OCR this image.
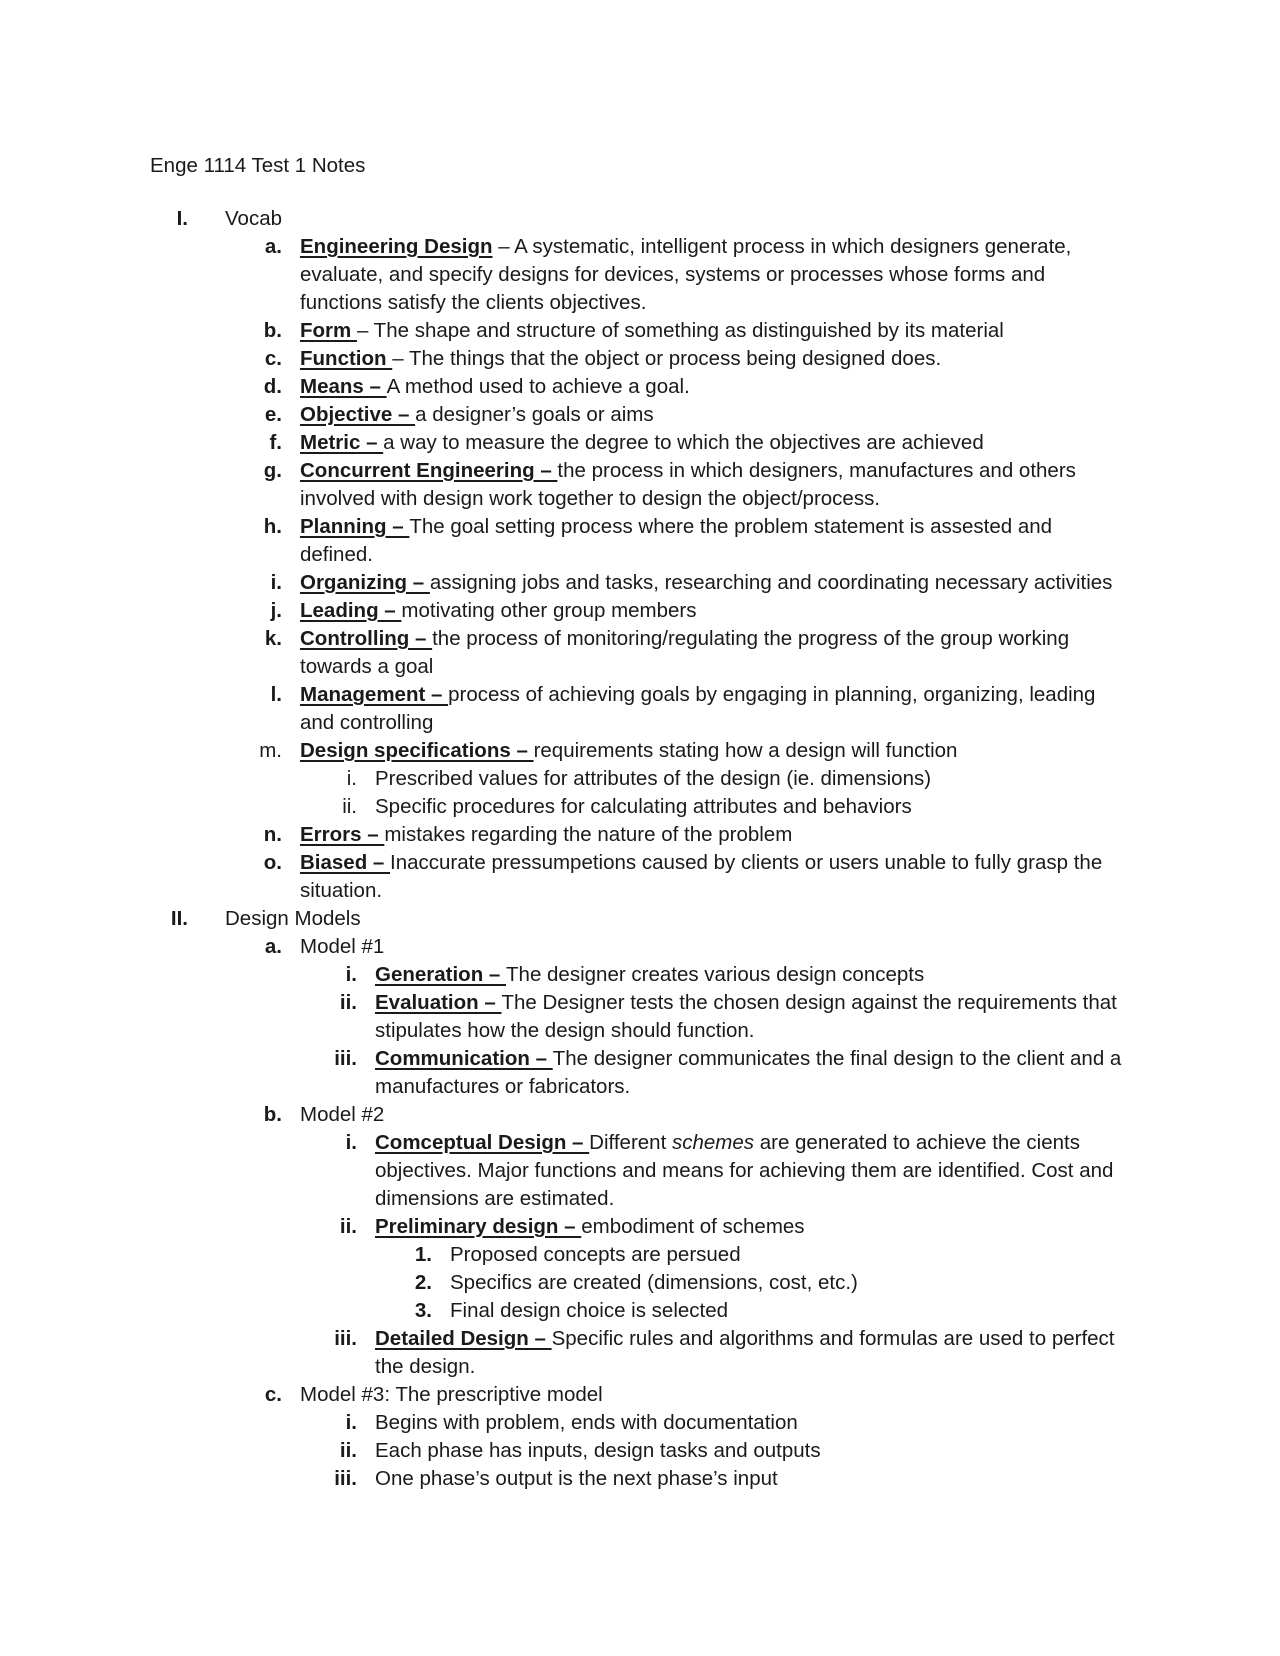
Enge 1114 Test 1 Notes
I. Vocab
a. Engineering Design – A systematic, intelligent process in which designers generate, evaluate, and specify designs for devices, systems or processes whose forms and functions satisfy the clients objectives.
b. Form – The shape and structure of something as distinguished by its material
c. Function – The things that the object or process being designed does.
d. Means – A method used to achieve a goal.
e. Objective – a designer’s goals or aims
f. Metric – a way to measure the degree to which the objectives are achieved
g. Concurrent Engineering – the process in which designers, manufactures and others involved with design work together to design the object/process.
h. Planning – The goal setting process where the problem statement is assested and defined.
i. Organizing – assigning jobs and tasks, researching and coordinating necessary activities
j. Leading – motivating other group members
k. Controlling – the process of monitoring/regulating the progress of the group working towards a goal
l. Management – process of achieving goals by engaging in planning, organizing, leading and controlling
m. Design specifications – requirements stating how a design will function
i. Prescribed values for attributes of the design (ie. dimensions)
ii. Specific procedures for calculating attributes and behaviors
n. Errors – mistakes regarding the nature of the problem
o. Biased – Inaccurate pressumpetions caused by clients or users unable to fully grasp the situation.
II. Design Models
a. Model #1
i. Generation – The designer creates various design concepts
ii. Evaluation – The Designer tests the chosen design against the requirements that stipulates how the design should function.
iii. Communication – The designer communicates the final design to the client and a manufactures or fabricators.
b. Model #2
i. Comceptual Design – Different schemes are generated to achieve the cients objectives. Major functions and means for achieving them are identified. Cost and dimensions are estimated.
ii. Preliminary design – embodiment of schemes
1. Proposed concepts are persued
2. Specifics are created (dimensions, cost, etc.)
3. Final design choice is selected
iii. Detailed Design – Specific rules and algorithms and formulas are used to perfect the design.
c. Model #3: The prescriptive model
i. Begins with problem, ends with documentation
ii. Each phase has inputs, design tasks and outputs
iii. One phase’s output is the next phase’s input
